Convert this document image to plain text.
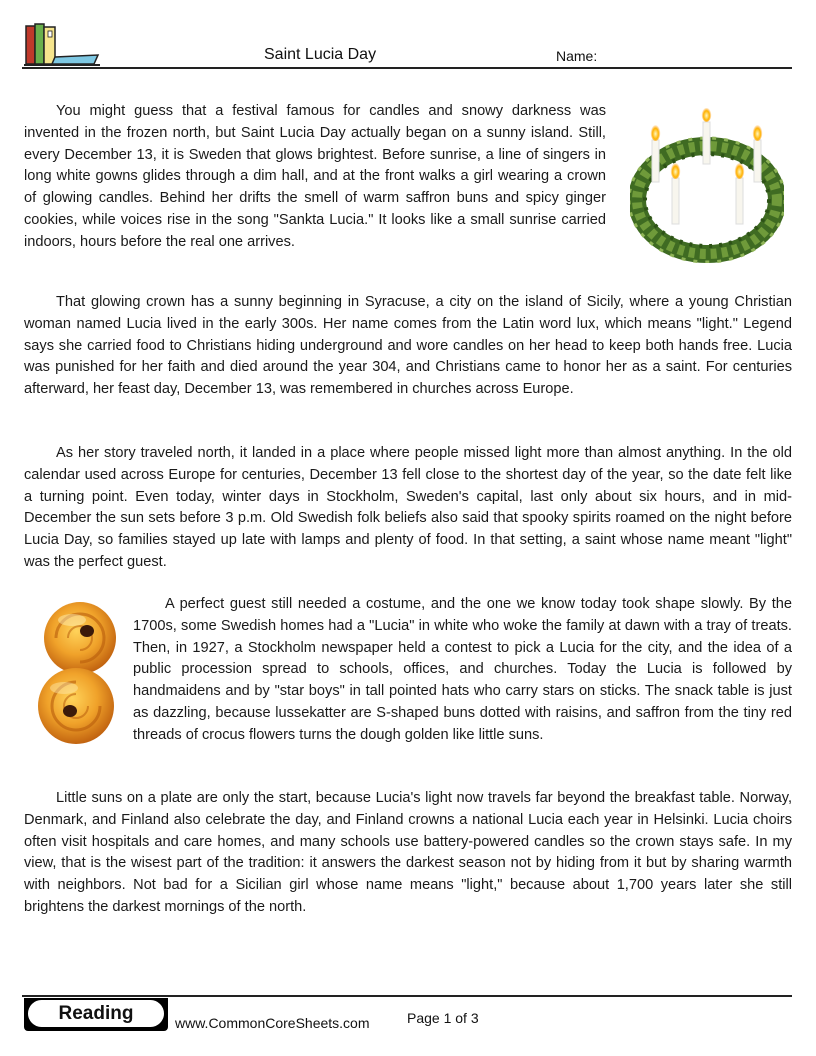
Saint Lucia Day	Name:

You might guess that a festival famous for candles and snowy darkness was invented in the frozen north, but Saint Lucia Day actually began on a sunny island. Still, every December 13, it is Sweden that glows brightest. Before sunrise, a line of singers in long white gowns glides through a dim hall, and at the front walks a girl wearing a crown of glowing candles. Behind her drifts the smell of warm saffron buns and spicy ginger cookies, while voices rise in the song "Sankta Lucia." It looks like a small sunrise carried indoors, hours before the real one arrives.

That glowing crown has a sunny beginning in Syracuse, a city on the island of Sicily, where a young Christian woman named Lucia lived in the early 300s. Her name comes from the Latin word lux, which means "light." Legend says she carried food to Christians hiding underground and wore candles on her head to keep both hands free. Lucia was punished for her faith and died around the year 304, and Christians came to honor her as a saint. For centuries afterward, her feast day, December 13, was remembered in churches across Europe.

As her story traveled north, it landed in a place where people missed light more than almost anything. In the old calendar used across Europe for centuries, December 13 fell close to the shortest day of the year, so the date felt like a turning point. Even today, winter days in Stockholm, Sweden's capital, last only about six hours, and in mid-December the sun sets before 3 p.m. Old Swedish folk beliefs also said that spooky spirits roamed on the night before Lucia Day, so families stayed up late with lamps and plenty of food. In that setting, a saint whose name meant "light" was the perfect guest.

A perfect guest still needed a costume, and the one we know today took shape slowly. By the 1700s, some Swedish homes had a "Lucia" in white who woke the family at dawn with a tray of treats. Then, in 1927, a Stockholm newspaper held a contest to pick a Lucia for the city, and the idea of a public procession spread to schools, offices, and churches. Today the Lucia is followed by handmaidens and by "star boys" in tall pointed hats who carry stars on sticks. The snack table is just as dazzling, because lussekatter are S-shaped buns dotted with raisins, and saffron from the tiny red threads of crocus flowers turns the dough golden like little suns.

Little suns on a plate are only the start, because Lucia's light now travels far beyond the breakfast table. Norway, Denmark, and Finland also celebrate the day, and Finland crowns a national Lucia each year in Helsinki. Lucia choirs often visit hospitals and care homes, and many schools use battery-powered candles so the crown stays safe. In my view, that is the wisest part of the tradition: it answers the darkest season not by hiding from it but by sharing warmth with neighbors. Not bad for a Sicilian girl whose name means "light," because about 1,700 years later she still brightens the darkest mornings of the north.

Reading	www.CommonCoreSheets.com	Page 1 of 3
